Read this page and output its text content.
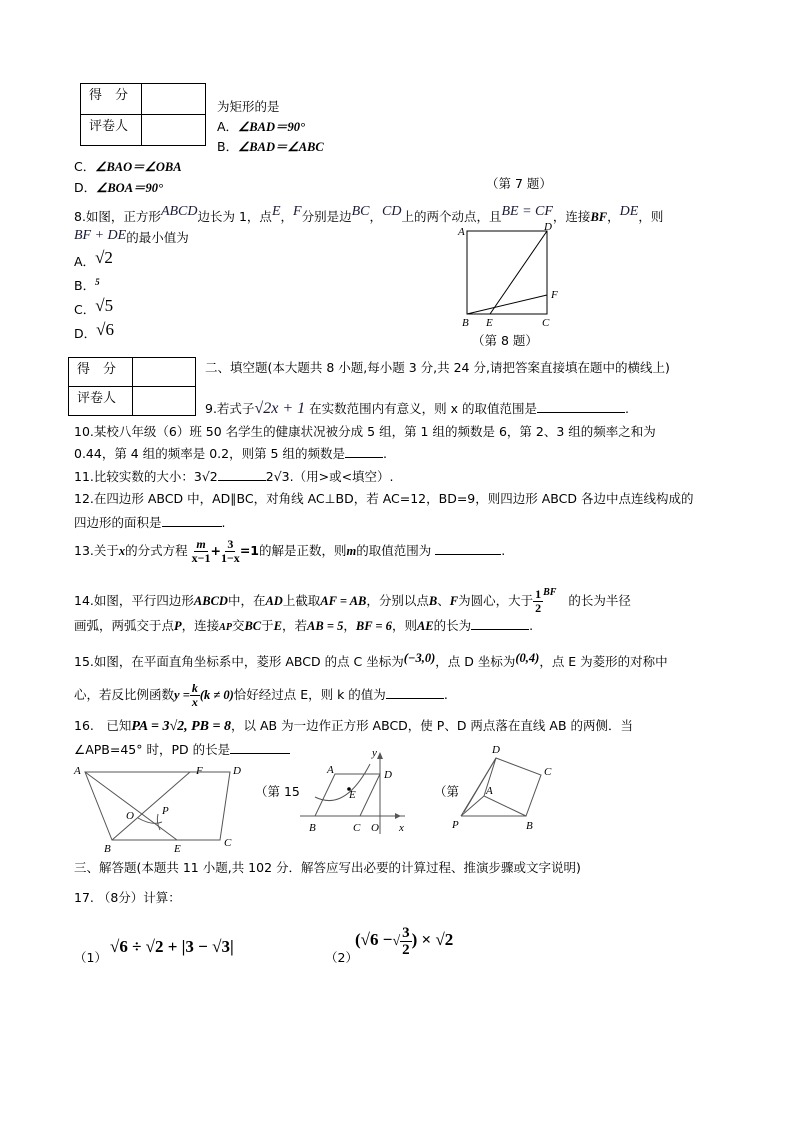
得　分	
评卷人	
为矩形的是
A．∠BAD＝90°
B．∠BAD＝∠ABC
C．∠BAO＝∠OBA
D．∠BOA＝90°	（第 7 题）
8.如图，正方形ABCD边长为 1，点E，F分别是边BC，CD上的两个动点，且BE = CF，连接BF，DE，则
BF + DE的最小值为
A．√2
B．$^5$
C．√5
D．√6
A	D
F
B E	C
（第 8 题）
得　分	
评卷人	
二、填空题(本大题共 8 小题,每小题 3 分,共 24 分,请把答案直接填在题中的横线上)
9.若式子√2x + 1 在实数范围内有意义，则 x 的取值范围是	.
10.某校八年级（6）班 50 名学生的健康状况被分成 5 组，第 1 组的频数是 6，第 2、3 组的频率之和为
0.44，第 4 组的频率是 0.2，则第 5 组的频数是	.
11.比较实数的大小：3√2	2√3.（用>或<填空）.
12.在四边形 ABCD 中，AD∥BC，对角线 AC⊥BD，若 AC=12，BD=9，则四边形 ABCD 各边中点连线构成的
四边形的面积是	.
13.关于x的分式方程 $\frac{m}{x-1} + \frac{3}{1-x} =1$的解是正数，则m的取值范围为	.
14.如图，平行四边形ABCD中，在AD上截取AF = AB，分别以点B、F为圆心，大于 $\frac{1}{2} ^{BF}$   的长为半径
画弧，两弧交于点P，连接AP交BC于E，若AB = 5，BF = 6，则AE的长为	.
15.如图，在平面直角坐标系中，菱形 ABCD 的点 C 坐标为(−3,0)，点 D 坐标为(0,4)，点 E 为菱形的对称中
心，若反比例函数$y = \frac{k}{x} (k \ne 0)$恰好经过点 E，则 k 的值为	.
16.　已知PA = 3√2, PB = 8，以 AB 为一边作正方形 ABCD，使 P、D 两点落在直线 AB 的两侧．当
∠APB=45° 时，PD 的长是
A	F	D
O	P
B	E	C
（第 15
y
A	D
E
B	C O x
（第
D
C
A
P	B
三、解答题(本题共 11 小题,共 102 分．解答应写出必要的计算过程、推演步骤或文字说明)
17. （8分）计算：
（1）
√6 ÷ √2 + |3 − √3|
（2）
(√6 −√ $\frac{3}{2}$ ) × √2
